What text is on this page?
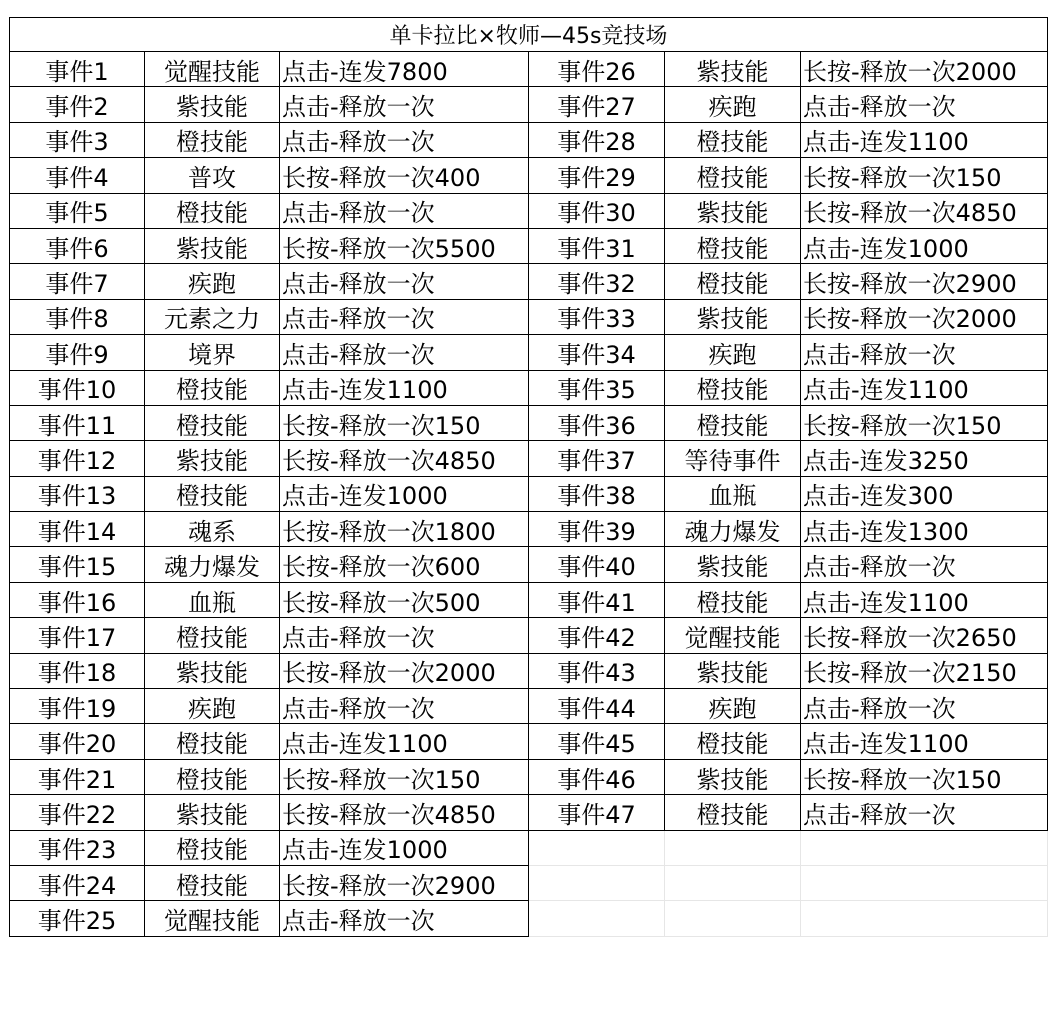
单卡拉比×牧师—45s竞技场
事件1	觉醒技能 点击-连发7800
事件2	紫技能	点击-释放一次
事件3	橙技能	点击-释放一次
事件4	普攻	长按-释放一次400
事件5	橙技能	点击-释放一次
事件6	紫技能	长按-释放一次5500
事件7	疾跑	点击-释放一次
事件8	元素之力 点击-释放一次
事件9	境界	点击-释放一次
事件10	橙技能	点击-连发1100
事件11	橙技能	长按-释放一次150
事件12	紫技能	长按-释放一次4850
事件13	橙技能	点击-连发1000
事件14	魂系	长按-释放一次1800
事件15	魂力爆发 长按-释放一次600
事件16	血瓶	长按-释放一次500
事件17	橙技能	点击-释放一次
事件18	紫技能	长按-释放一次2000
事件19	疾跑	点击-释放一次
事件20	橙技能	点击-连发1100
事件21	橙技能	长按-释放一次150
事件22	紫技能	长按-释放一次4850
事件23	橙技能	点击-连发1000
事件24	橙技能	长按-释放一次2900
事件25	觉醒技能 点击-释放一次
事件26	紫技能	长按-释放一次2000
事件27	疾跑	点击-释放一次
事件28	橙技能	点击-连发1100
事件29	橙技能	长按-释放一次150
事件30	紫技能	长按-释放一次4850
事件31	橙技能	点击-连发1000
事件32	橙技能	长按-释放一次2900
事件33	紫技能	长按-释放一次2000
事件34	疾跑	点击-释放一次
事件35	橙技能	点击-连发1100
事件36	橙技能	长按-释放一次150
事件37	等待事件 点击-连发3250
事件38	血瓶	点击-连发300
事件39	魂力爆发 点击-连发1300
事件40	紫技能	点击-释放一次
事件41	橙技能	点击-连发1100
事件42	觉醒技能 长按-释放一次2650
事件43	紫技能	长按-释放一次2150
事件44	疾跑	点击-释放一次
事件45	橙技能	点击-连发1100
事件46	紫技能	长按-释放一次150
事件47	橙技能	点击-释放一次
